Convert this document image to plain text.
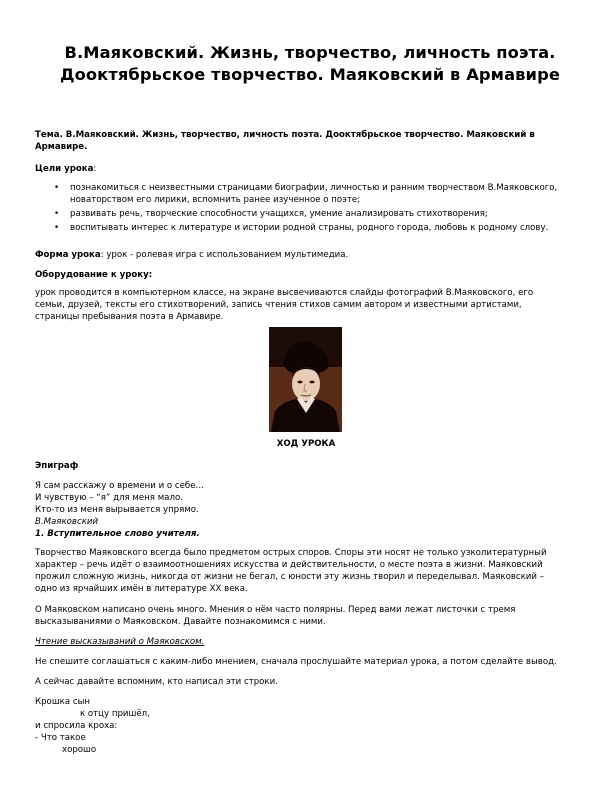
В.Маяковский. Жизнь, творчество, личность поэта.
Дооктябрьское творчество. Маяковский в Армавире
Тема. В.Маяковский. Жизнь, творчество, личность поэта. Дооктябрьское творчество. Маяковский в
Армавире.
Цели урока:
• познакомиться с неизвестными страницами биографии, личностью и ранним творчеством В.Маяковского,
новаторством его лирики, вспомнить ранее изученное о поэте;
• развивать речь, творческие способности учащихся, умение анализировать стихотворения;
• воспитывать интерес к литературе и истории родной страны, родного города, любовь к родному слову.
Форма урока: урок - ролевая игра с использованием мультимедиа.
Оборудование к уроку:
урок проводится в компьютерном классе, на экране высвечиваются слайды фотографий В.Маяковского, его
семьи, друзей, тексты его стихотворений, запись чтения стихов самим автором и известными артистами,
страницы пребывания поэта в Армавире.
ХОД УРОКА
Эпиграф
Я сам расскажу о времени и о себе…
И чувствую – “я” для меня мало.
Кто-то из меня вырывается упрямо.
В.Маяковский
1. Вступительное слово учителя.
Творчество Маяковского всегда было предметом острых споров. Споры эти носят не только узколитературный
характер – речь идёт о взаимоотношениях искусства и действительности, о месте поэта в жизни. Маяковский
прожил сложную жизнь, никогда от жизни не бегал, с юности эту жизнь творил и переделывал. Маяковский –
одно из ярчайших имён в литературе XX века.
О Маяковском написано очень много. Мнения о нём часто полярны. Перед вами лежат листочки с тремя
высказываниями о Маяковском. Давайте познакомимся с ними.
Чтение высказываний о Маяковском.
Не спешите соглашаться с каким-либо мнением, сначала прослушайте материал урока, а потом сделайте вывод.
А сейчас давайте вспомним, кто написал эти строки.
Крошка сын
к отцу пришёл,
и спросила кроха:
- Что такое
хорошо
